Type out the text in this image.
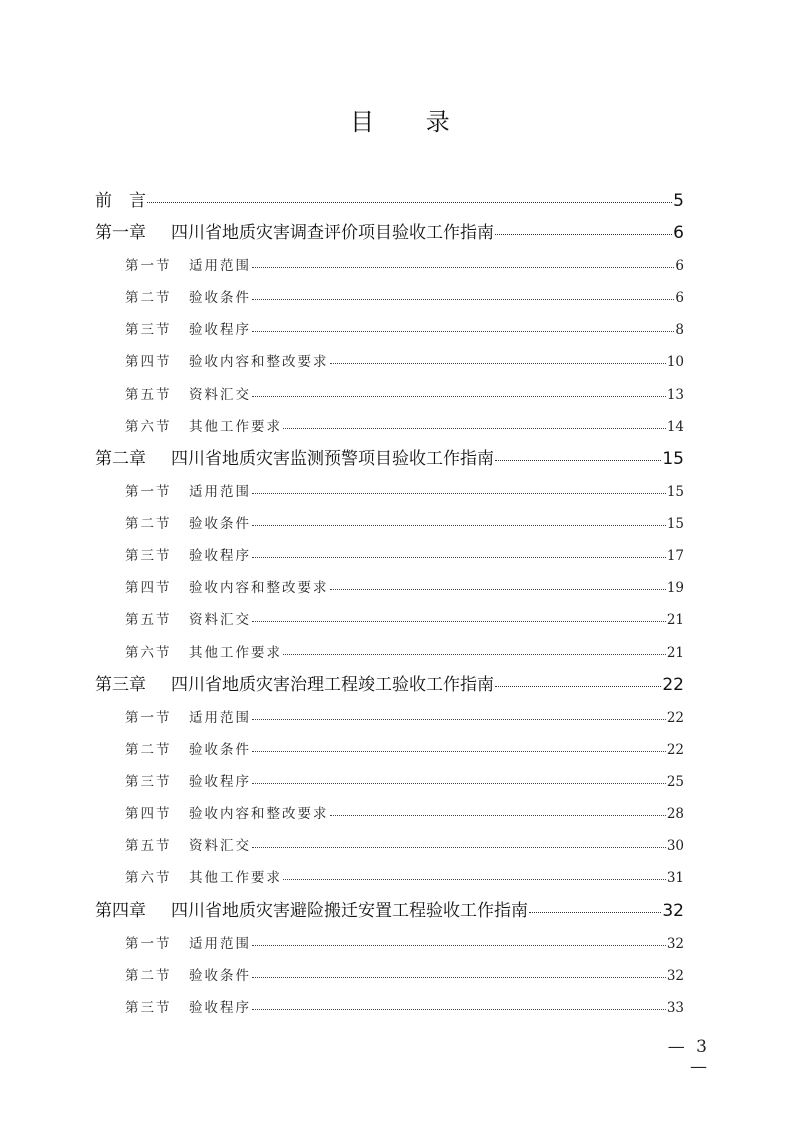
目 录
前　言	5
第一章 四川省地质灾害调查评价项目验收工作指南	6
第一节 适用范围	6
第二节 验收条件	6
第三节 验收程序	8
第四节 验收内容和整改要求	10
第五节 资料汇交	13
第六节 其他工作要求	14
第二章 四川省地质灾害监测预警项目验收工作指南	15
第一节 适用范围	15
第二节 验收条件	15
第三节 验收程序	17
第四节 验收内容和整改要求	19
第五节 资料汇交	21
第六节 其他工作要求	21
第三章 四川省地质灾害治理工程竣工验收工作指南	22
第一节 适用范围	22
第二节 验收条件	22
第三节 验收程序	25
第四节 验收内容和整改要求	28
第五节 资料汇交	30
第六节 其他工作要求	31
第四章 四川省地质灾害避险搬迁安置工程验收工作指南	32
第一节 适用范围	32
第二节 验收条件	32
第三节 验收程序	33
— 3 —
